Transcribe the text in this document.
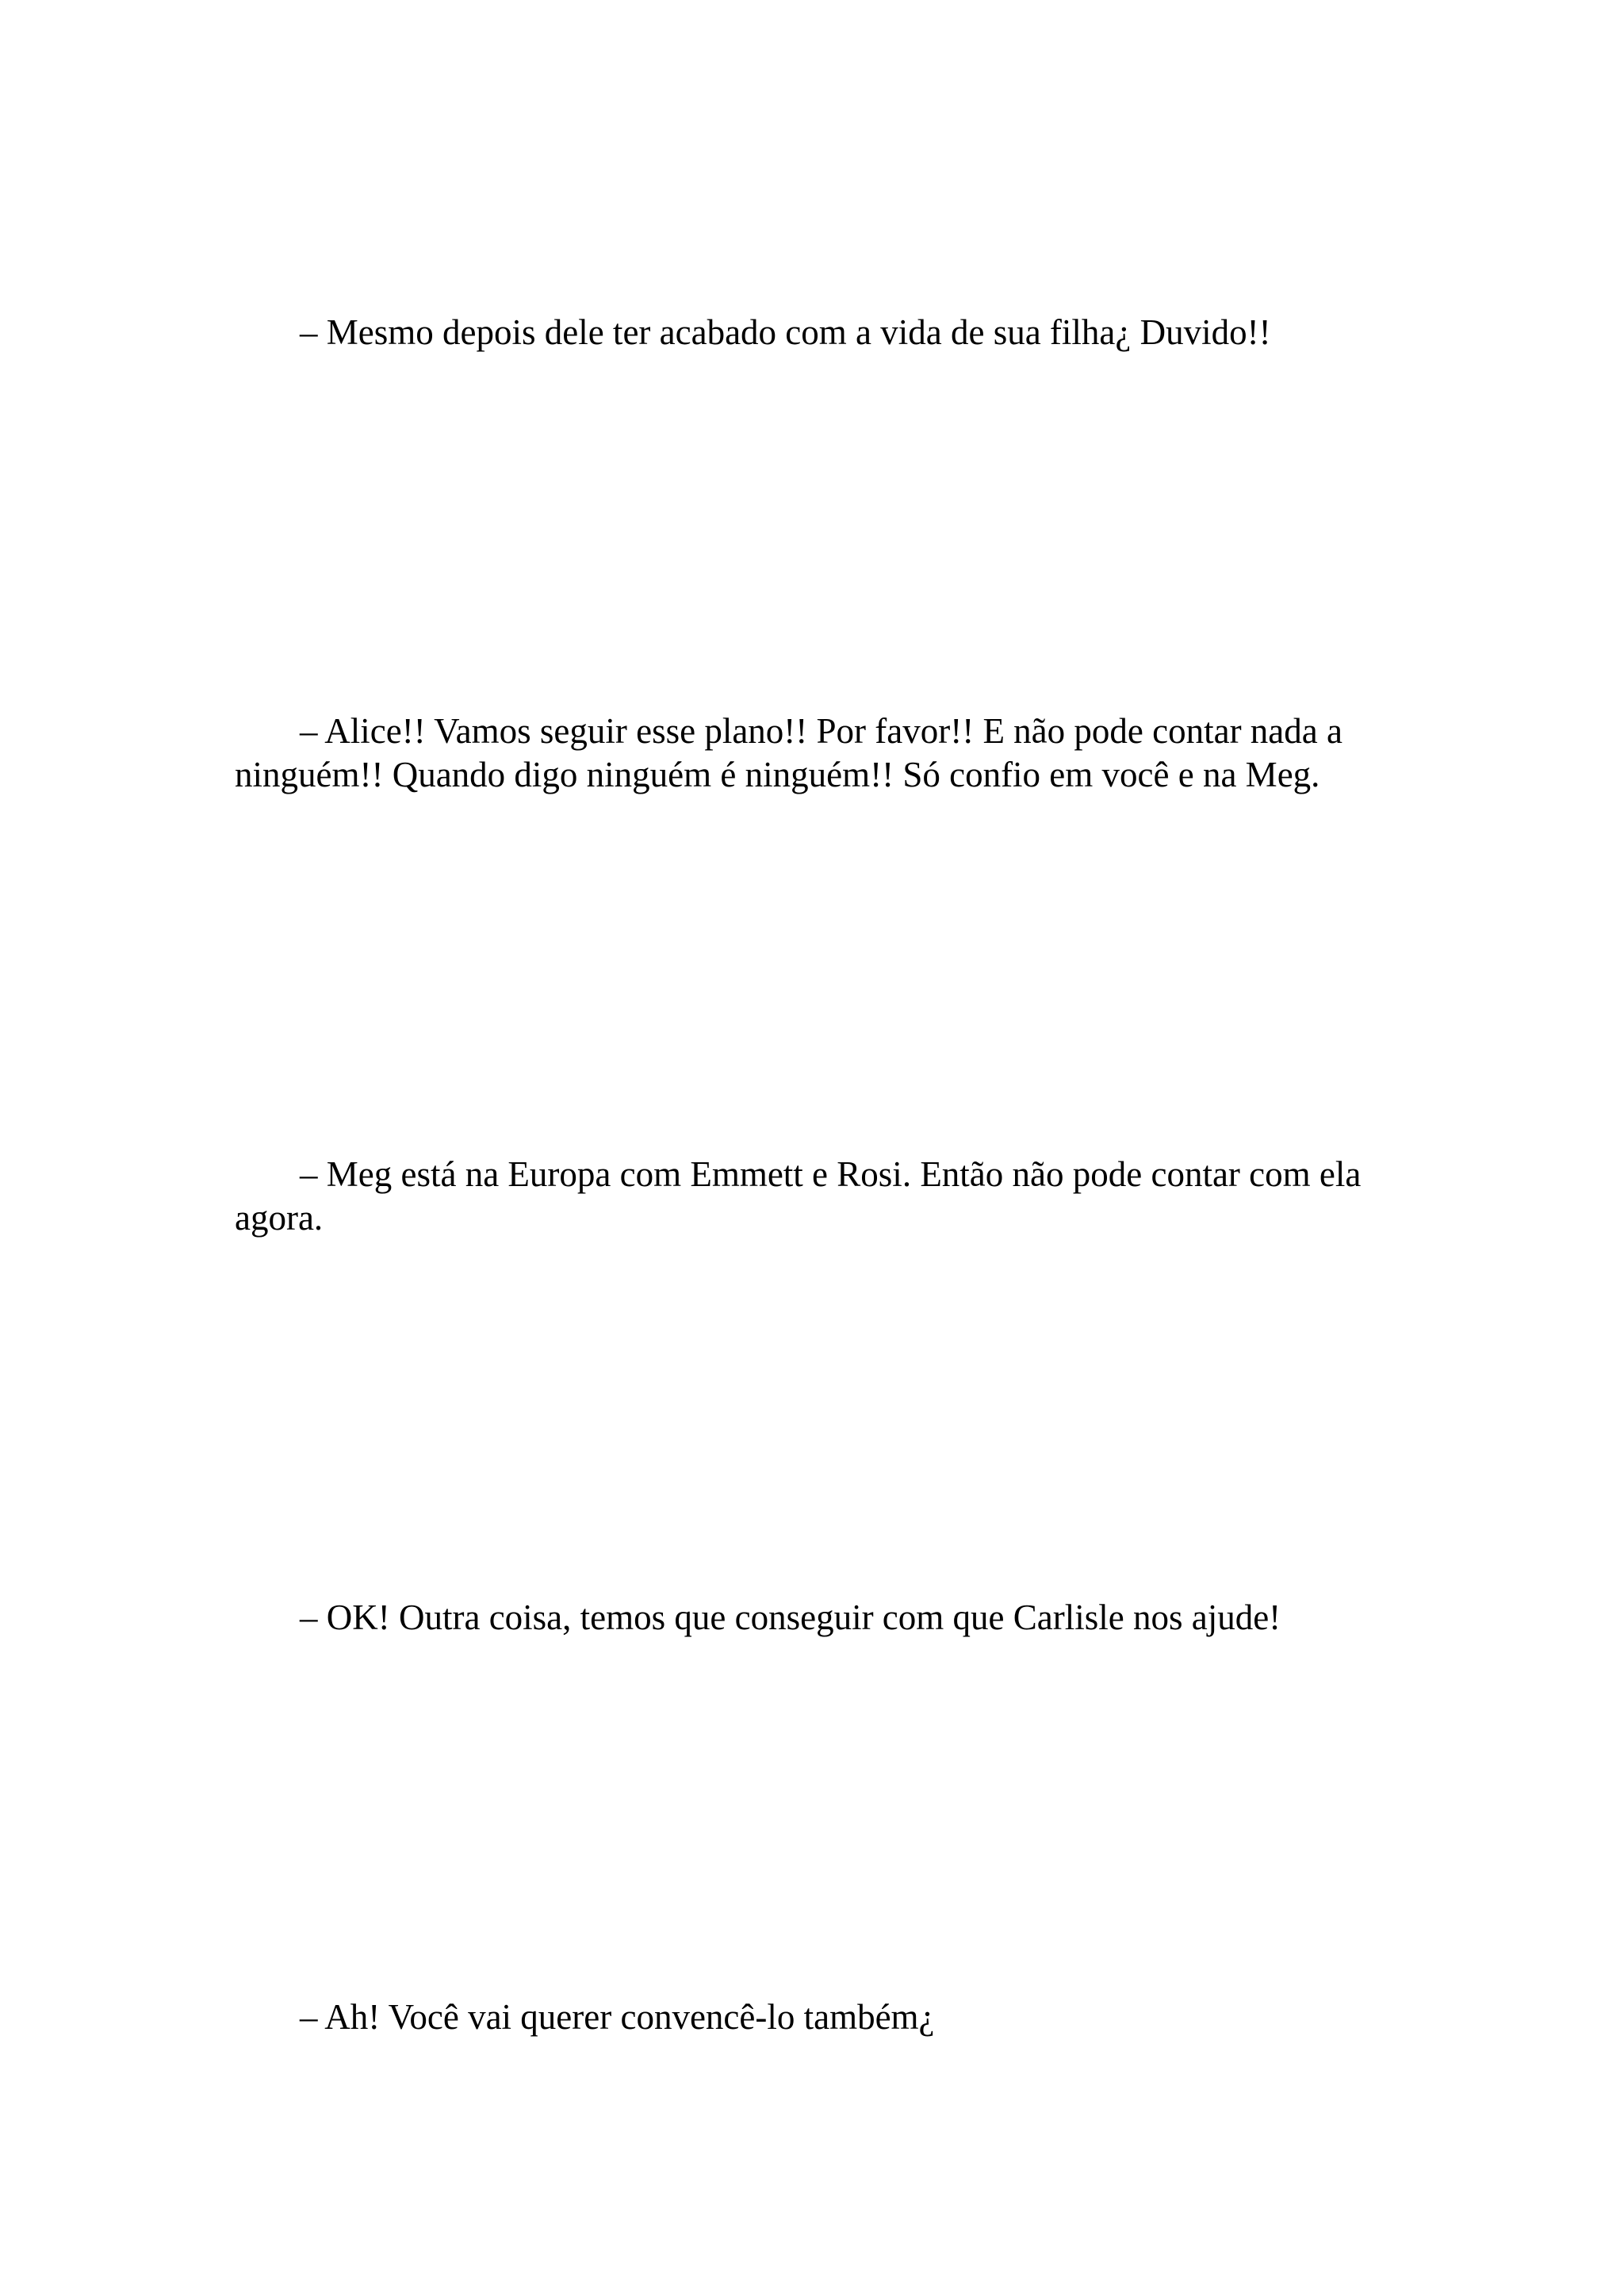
– Mesmo depois dele ter acabado com a vida de sua filha¿ Duvido!!

– Alice!! Vamos seguir esse plano!! Por favor!! E não pode contar nada a ninguém!! Quando digo ninguém é ninguém!! Só confio em você e na Meg.

– Meg está na Europa com Emmett e Rosi. Então não pode contar com ela agora.

– OK! Outra coisa, temos que conseguir com que Carlisle nos ajude!

– Ah! Você vai querer convencê-lo também¿
